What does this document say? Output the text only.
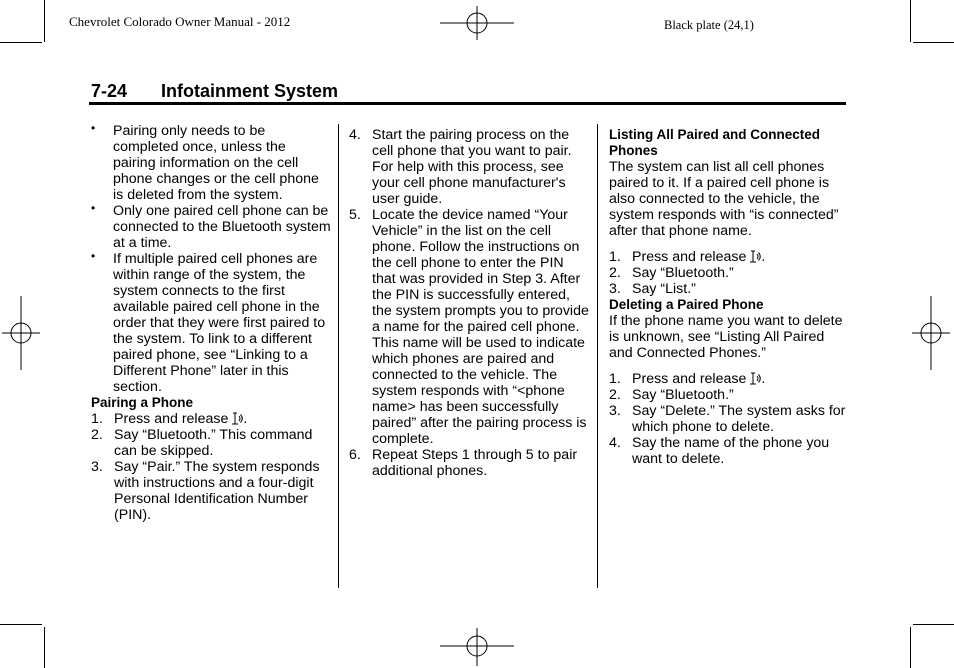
Chevrolet Colorado Owner Manual - 2012	Black plate (24,1)
7-24 Infotainment System

• Pairing only needs to be completed once, unless the pairing information on the cell phone changes or the cell phone is deleted from the system.

• Only one paired cell phone can be connected to the Bluetooth system at a time.

• If multiple paired cell phones are within range of the system, the system connects to the first available paired cell phone in the order that they were first paired to the system. To link to a different paired phone, see “Linking to a Different Phone” later in this section.

Pairing a Phone

1. Press and release .

2. Say “Bluetooth.” This command can be skipped.

3. Say “Pair.” The system responds with instructions and a four-digit Personal Identification Number (PIN).

4. Start the pairing process on the cell phone that you want to pair. For help with this process, see your cell phone manufacturer's user guide.

5. Locate the device named “Your Vehicle” in the list on the cell phone. Follow the instructions on the cell phone to enter the PIN that was provided in Step 3. After the PIN is successfully entered, the system prompts you to provide a name for the paired cell phone. This name will be used to indicate which phones are paired and connected to the vehicle. The system responds with “<phone name> has been successfully paired” after the pairing process is complete.

6. Repeat Steps 1 through 5 to pair additional phones.

Listing All Paired and Connected Phones

The system can list all cell phones paired to it. If a paired cell phone is also connected to the vehicle, the system responds with “is connected” after that phone name.

1. Press and release .

2. Say “Bluetooth.”

3. Say “List.”

Deleting a Paired Phone

If the phone name you want to delete is unknown, see “Listing All Paired and Connected Phones.”

1. Press and release .

2. Say “Bluetooth.”

3. Say “Delete.” The system asks for which phone to delete.

4. Say the name of the phone you want to delete.
